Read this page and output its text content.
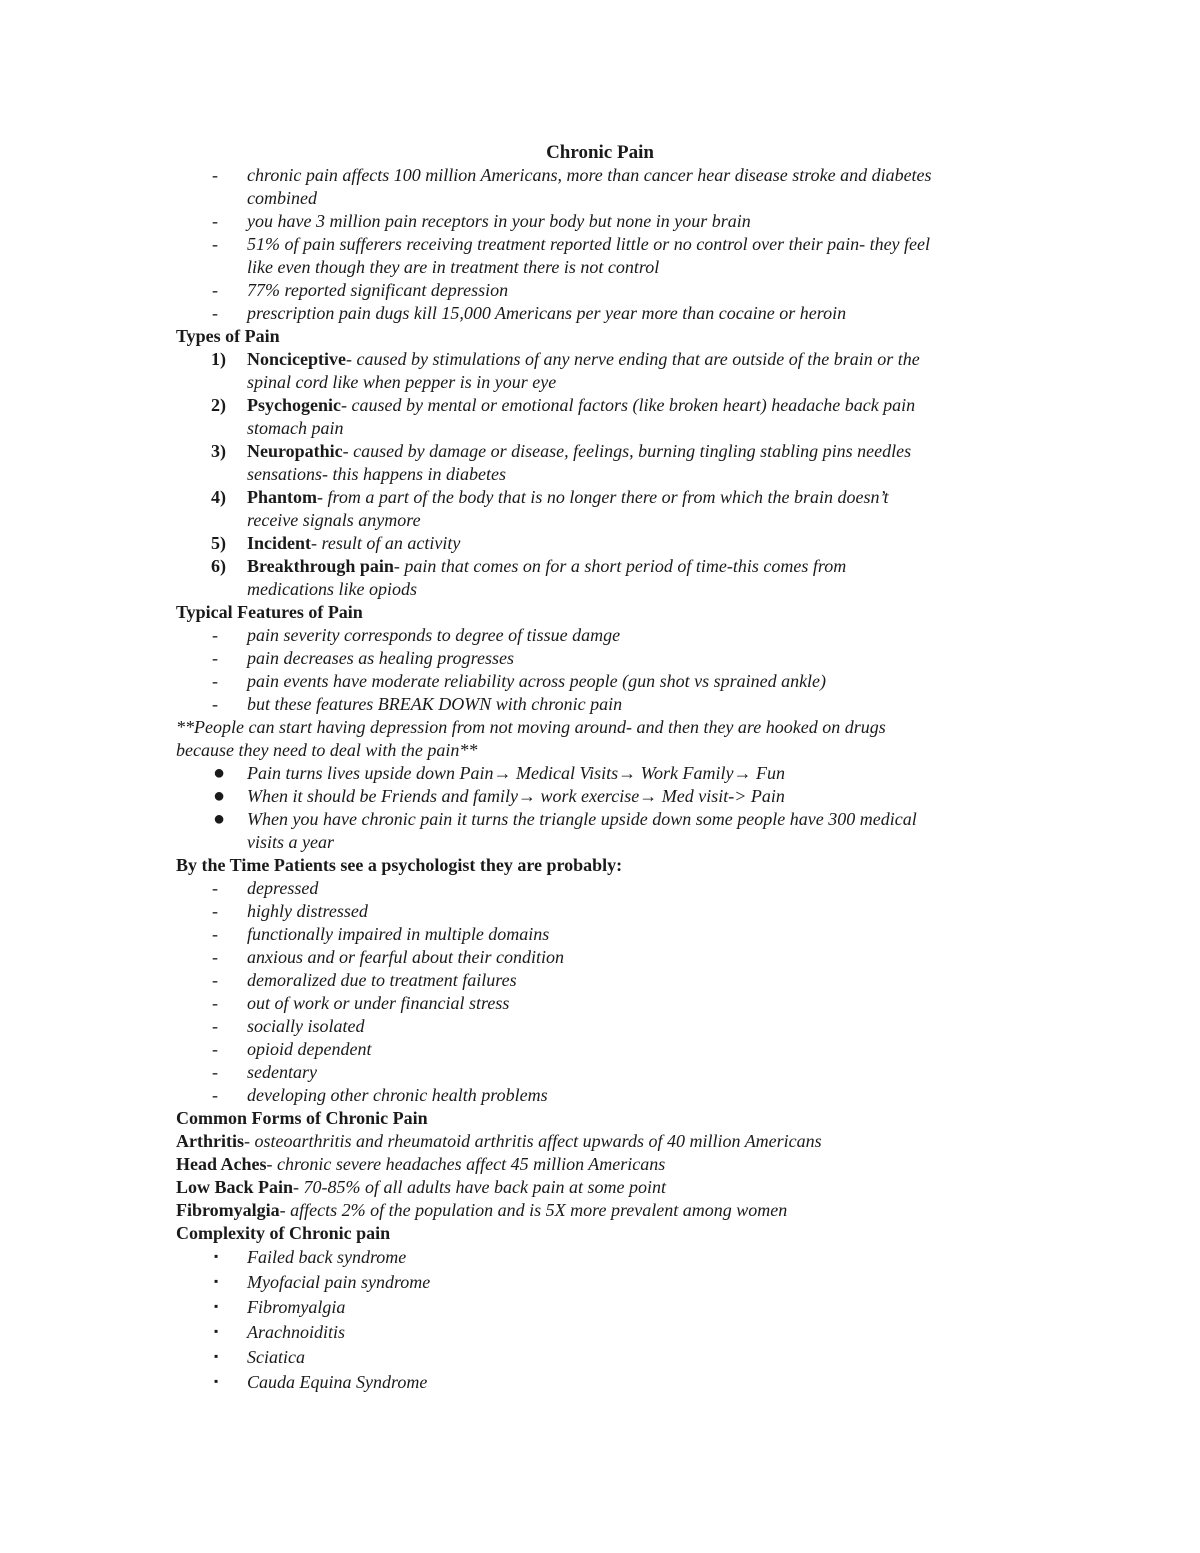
Chronic Pain
- chronic pain affects 100 million Americans, more than cancer hear disease stroke and diabetes
combined
- you have 3 million pain receptors in your body but none in your brain
- 51% of pain sufferers receiving treatment reported little or no control over their pain- they feel
like even though they are in treatment there is not control
- 77% reported significant depression
- prescription pain dugs kill 15,000 Americans per year more than cocaine or heroin
Types of Pain
1) Nonciceptive- caused by stimulations of any nerve ending that are outside of the brain or the
spinal cord like when pepper is in your eye
2) Psychogenic- caused by mental or emotional factors (like broken heart) headache back pain
stomach pain
3) Neuropathic- caused by damage or disease, feelings, burning tingling stabling pins needles
sensations- this happens in diabetes
4) Phantom- from a part of the body that is no longer there or from which the brain doesn’t
receive signals anymore
5) Incident- result of an activity
6) Breakthrough pain- pain that comes on for a short period of time-this comes from
medications like opiods
Typical Features of Pain
- pain severity corresponds to degree of tissue damge
- pain decreases as healing progresses
- pain events have moderate reliability across people (gun shot vs sprained ankle)
- but these features BREAK DOWN with chronic pain
**People can start having depression from not moving around- and then they are hooked on drugs
because they need to deal with the pain**
● Pain turns lives upside down Pain→ Medical Visits→ Work Family→ Fun
● When it should be Friends and family→ work exercise→ Med visit-> Pain
● When you have chronic pain it turns the triangle upside down some people have 300 medical
visits a year
By the Time Patients see a psychologist they are probably:
- depressed
- highly distressed
- functionally impaired in multiple domains
- anxious and or fearful about their condition
- demoralized due to treatment failures
- out of work or under financial stress
- socially isolated
- opioid dependent
- sedentary
- developing other chronic health problems
Common Forms of Chronic Pain
Arthritis- osteoarthritis and rheumatoid arthritis affect upwards of 40 million Americans
Head Aches- chronic severe headaches affect 45 million Americans
Low Back Pain- 70-85% of all adults have back pain at some point
Fibromyalgia- affects 2% of the population and is 5X more prevalent among women
Complexity of Chronic pain
▪ Failed back syndrome
▪ Myofacial pain syndrome
▪ Fibromyalgia
▪ Arachnoiditis
▪ Sciatica
▪ Cauda Equina Syndrome
